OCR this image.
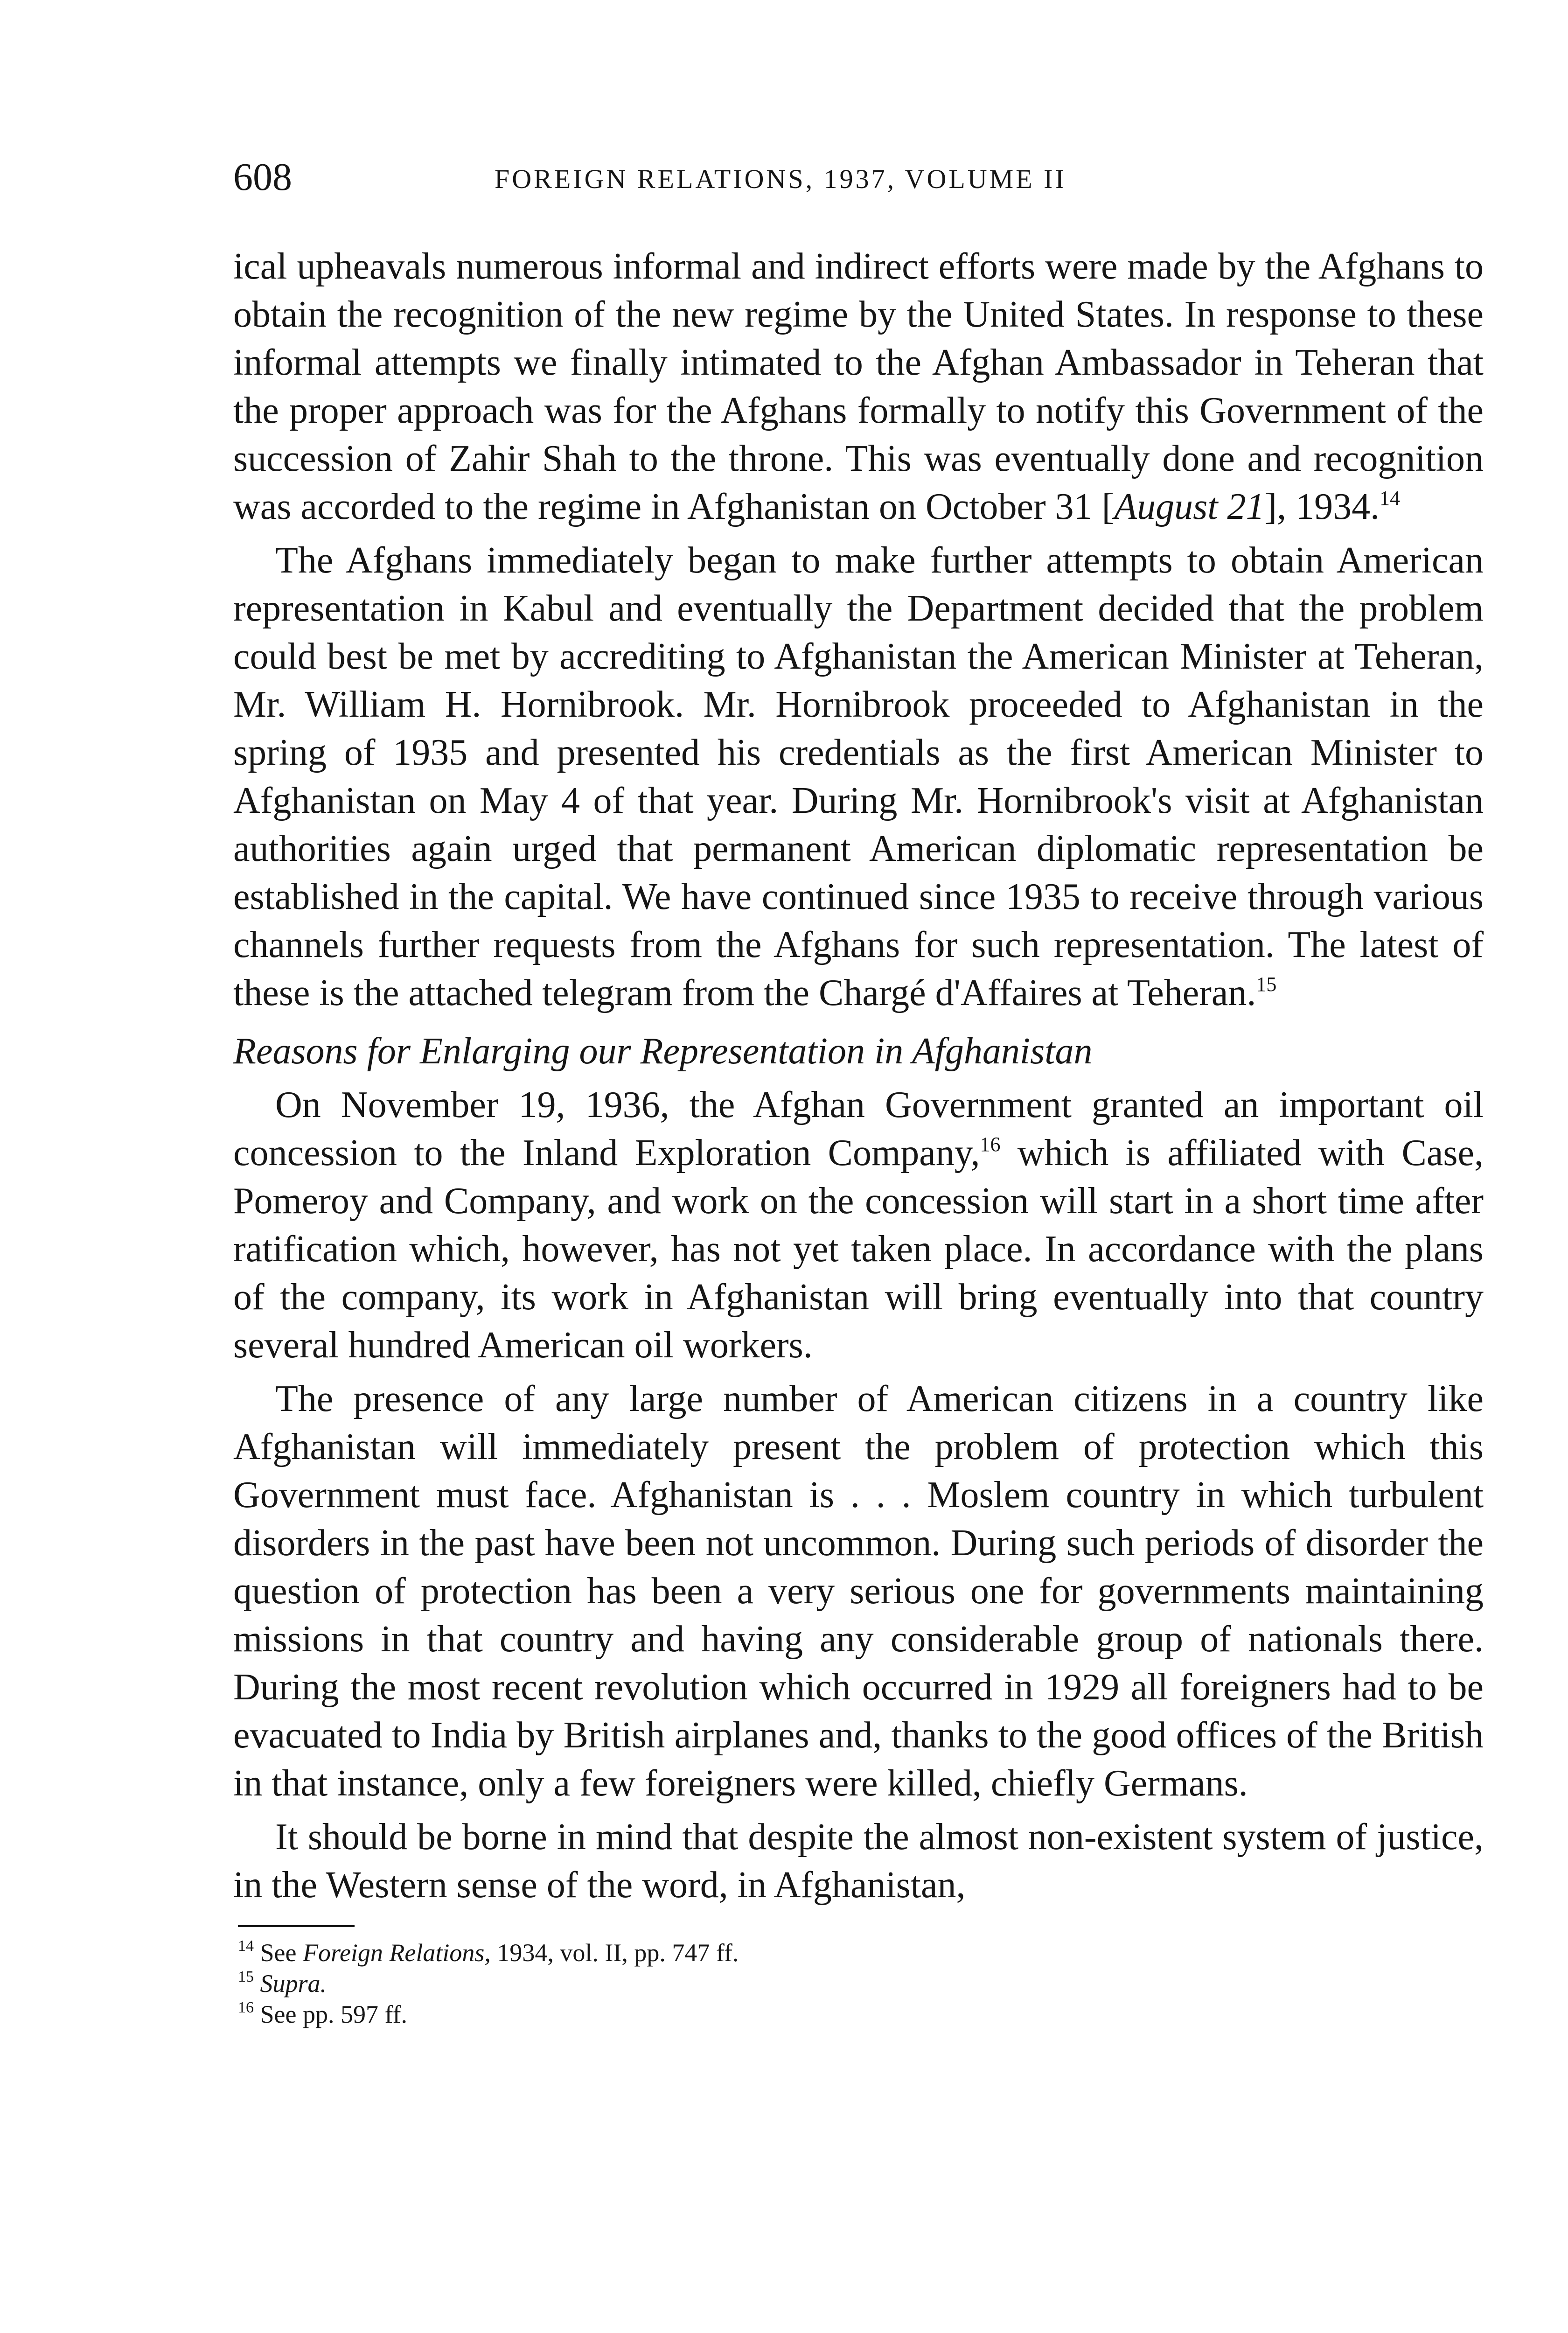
608	FOREIGN RELATIONS, 1937, VOLUME II

ical upheavals numerous informal and indirect efforts were made by the Afghans to obtain the recognition of the new regime by the United States. In response to these informal attempts we finally intimated to the Afghan Ambassador in Teheran that the proper approach was for the Afghans formally to notify this Government of the succession of Zahir Shah to the throne. This was eventually done and recognition was accorded to the regime in Afghanistan on October 31 [August 21], 1934.14

The Afghans immediately began to make further attempts to obtain American representation in Kabul and eventually the Department decided that the problem could best be met by accrediting to Afghanistan the American Minister at Teheran, Mr. William H. Hornibrook. Mr. Hornibrook proceeded to Afghanistan in the spring of 1935 and presented his credentials as the first American Minister to Afghanistan on May 4 of that year. During Mr. Hornibrook's visit at Afghanistan authorities again urged that permanent American diplomatic representation be established in the capital. We have continued since 1935 to receive through various channels further requests from the Afghans for such representation. The latest of these is the attached telegram from the Chargé d'Affaires at Teheran.$^{15}$

Reasons for Enlarging our Representation in Afghanistan

On November 19, 1936, the Afghan Government granted an important oil concession to the Inland Exploration Company,$^{16}$ which is affiliated with Case, Pomeroy and Company, and work on the concession will start in a short time after ratification which, however, has not yet taken place. In accordance with the plans of the company, its work in Afghanistan will bring eventually into that country several hundred American oil workers.

The presence of any large number of American citizens in a country like Afghanistan will immediately present the problem of protection which this Government must face. Afghanistan is . . . Moslem country in which turbulent disorders in the past have been not uncommon. During such periods of disorder the question of protection has been a very serious one for governments maintaining missions in that country and having any considerable group of nationals there. During the most recent revolution which occurred in 1929 all foreigners had to be evacuated to India by British airplanes and, thanks to the good offices of the British in that instance, only a few foreigners were killed, chiefly Germans.

It should be borne in mind that despite the almost non-existent system of justice, in the Western sense of the word, in Afghanistan,

$^{14}$ See Foreign Relations, 1934, vol. II, pp. 747 ff.

$^{15}$ Supra.

$^{16}$ See pp. 597 ff.
